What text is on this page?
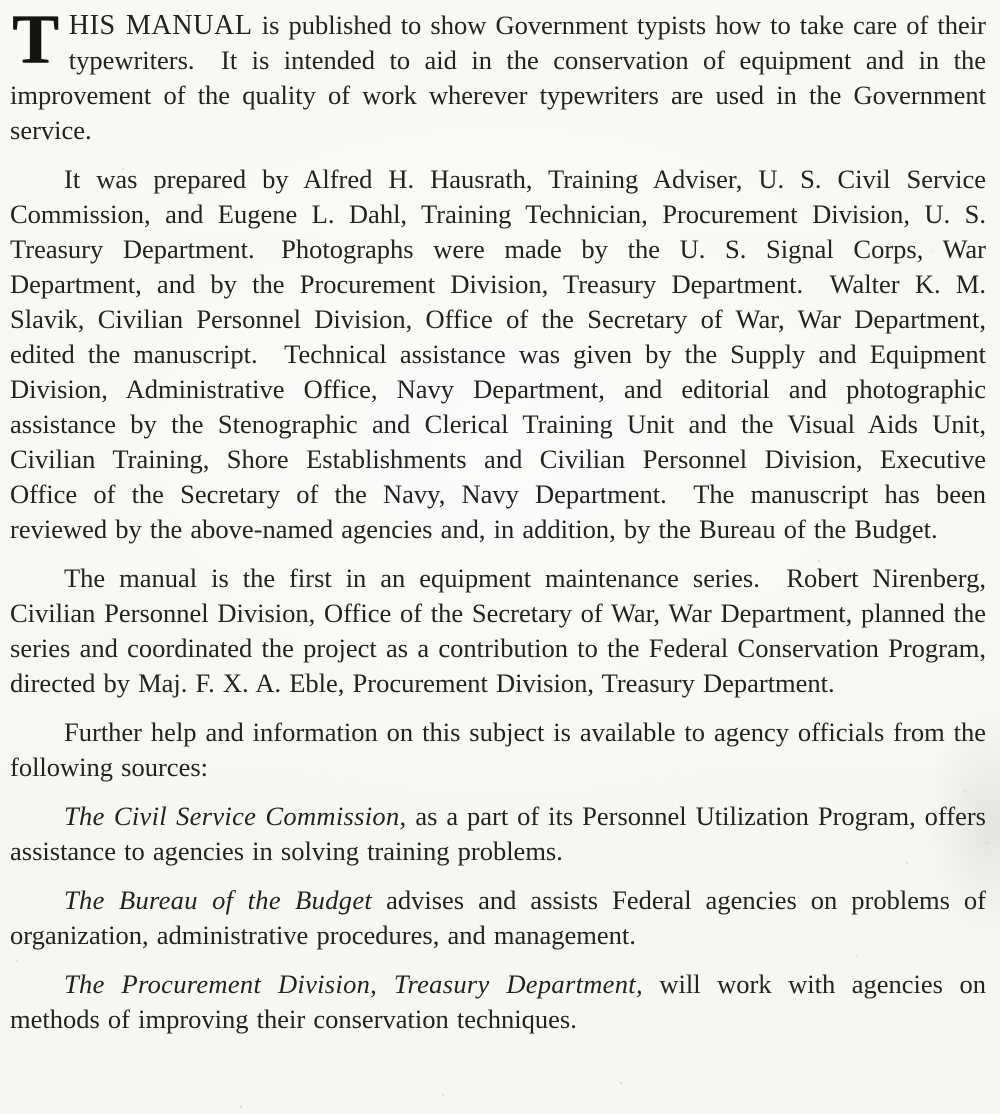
THIS MANUAL is published to show Government typists how to take care of their typewriters. It is intended to aid in the conservation of equipment and in the improvement of the quality of work wherever typewriters are used in the Government service.

It was prepared by Alfred H. Hausrath, Training Adviser, U. S. Civil Service Commission, and Eugene L. Dahl, Training Technician, Procurement Division, U. S. Treasury Department. Photographs were made by the U. S. Signal Corps, War Department, and by the Procurement Division, Treasury Department. Walter K. M. Slavik, Civilian Personnel Division, Office of the Secretary of War, War Department, edited the manuscript. Technical assistance was given by the Supply and Equipment Division, Administrative Office, Navy Department, and editorial and photographic assistance by the Stenographic and Clerical Training Unit and the Visual Aids Unit, Civilian Training, Shore Establishments and Civilian Personnel Division, Executive Office of the Secretary of the Navy, Navy Department. The manuscript has been reviewed by the above-named agencies and, in addition, by the Bureau of the Budget.

The manual is the first in an equipment maintenance series. Robert Nirenberg, Civilian Personnel Division, Office of the Secretary of War, War Department, planned the series and coordinated the project as a contribution to the Federal Conservation Program, directed by Maj. F. X. A. Eble, Procurement Division, Treasury Department.

Further help and information on this subject is available to agency officials from the following sources:

The Civil Service Commission, as a part of its Personnel Utilization Program, offers assistance to agencies in solving training problems.

The Bureau of the Budget advises and assists Federal agencies on problems of organization, administrative procedures, and management.

The Procurement Division, Treasury Department, will work with agencies on methods of improving their conservation techniques.
